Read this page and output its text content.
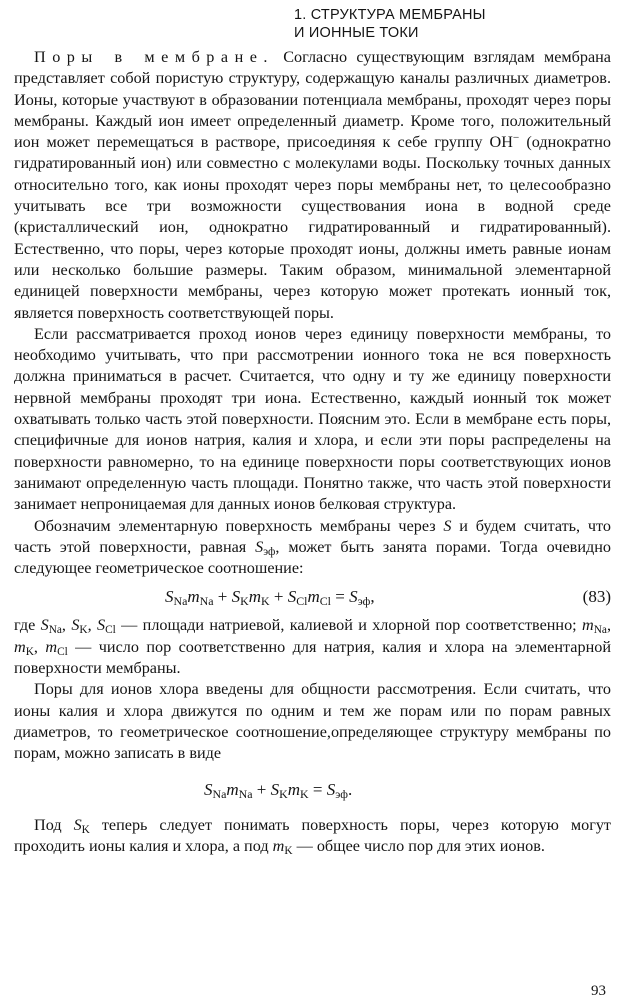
1. СТРУКТУРА МЕМБРАНЫ
И ИОННЫЕ ТОКИ

Поры в мембране. Согласно существующим взглядам мембрана представляет собой пористую структуру, содержащую каналы различных диаметров. Ионы, которые участвуют в образовании потенциала мембраны, проходят через поры мембраны. Каждый ион имеет определенный диаметр. Кроме того, положительный ион может перемещаться в растворе, присоединяя к себе группу OH− (однократно гидратированный ион) или совместно с молекулами воды. Поскольку точных данных относительно того, как ионы проходят через поры мембраны нет, то целесообразно учитывать все три возможности существования иона в водной среде (кристаллический ион, однократно гидратированный и гидратированный). Естественно, что поры, через которые проходят ионы, должны иметь равные ионам или несколько большие размеры. Таким образом, минимальной элементарной единицей поверхности мембраны, через которую может протекать ионный ток, является поверхность соответствующей поры.

Если рассматривается проход ионов через единицу поверхности мембраны, то необходимо учитывать, что при рассмотрении ионного тока не вся поверхность должна приниматься в расчет. Считается, что одну и ту же единицу поверхности нервной мембраны проходят три иона. Естественно, каждый ионный ток может охватывать только часть этой поверхности. Поясним это. Если в мембране есть поры, специфичные для ионов натрия, калия и хлора, и если эти поры распределены на поверхности равномерно, то на единице поверхности поры соответствующих ионов занимают определенную часть площади. Понятно также, что часть этой поверхности занимает непроницаемая для данных ионов белковая структура.

Обозначим элементарную поверхность мембраны через S и будем считать, что часть этой поверхности, равная $S_{эф}$, может быть занята порами. Тогда очевидно следующее геометрическое соотношение:

$S_{Na}m_{Na} + S_Km_K + S_{Cl}m_{Cl} = S_{эф}$,	(83)

где $S_{Na}$, $S_K$, $S_{Cl}$ — площади натриевой, калиевой и хлорной пор соответственно; $m_{Na}$, $m_K$, $m_{Cl}$ — число пор соответственно для натрия, калия и хлора на элементарной поверхности мембраны.

Поры для ионов хлора введены для общности рассмотрения. Если считать, что ионы калия и хлора движутся по одним и тем же порам или по порам равных диаметров, то геометрическое соотношение,определяющее структуру мембраны по порам, можно записать в виде

$S_{Na}m_{Na} + S_Km_K = S_{эф}$.

Под $S_K$ теперь следует понимать поверхность поры, через которую могут проходить ионы калия и хлора, а под $m_K$ — общее число пор для этих ионов.

93
